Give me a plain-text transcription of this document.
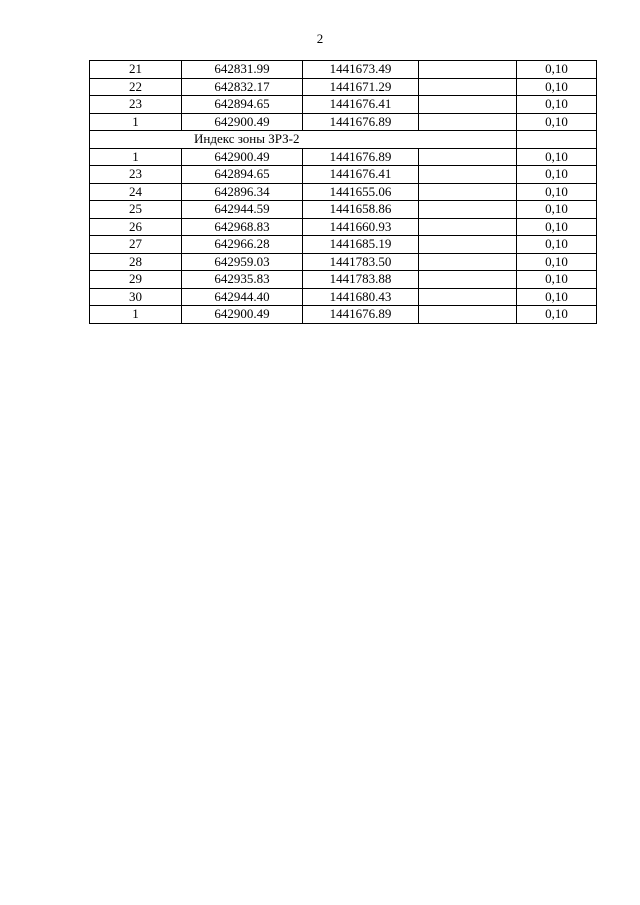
2
21	642831.99	1441673.49		0,10
22	642832.17	1441671.29		0,10
23	642894.65	1441676.41		0,10
1	642900.49	1441676.89		0,10
Индекс зоны ЗРЗ-2				
1	642900.49	1441676.89		0,10
23	642894.65	1441676.41		0,10
24	642896.34	1441655.06		0,10
25	642944.59	1441658.86		0,10
26	642968.83	1441660.93		0,10
27	642966.28	1441685.19		0,10
28	642959.03	1441783.50		0,10
29	642935.83	1441783.88		0,10
30	642944.40	1441680.43		0,10
1	642900.49	1441676.89		0,10
